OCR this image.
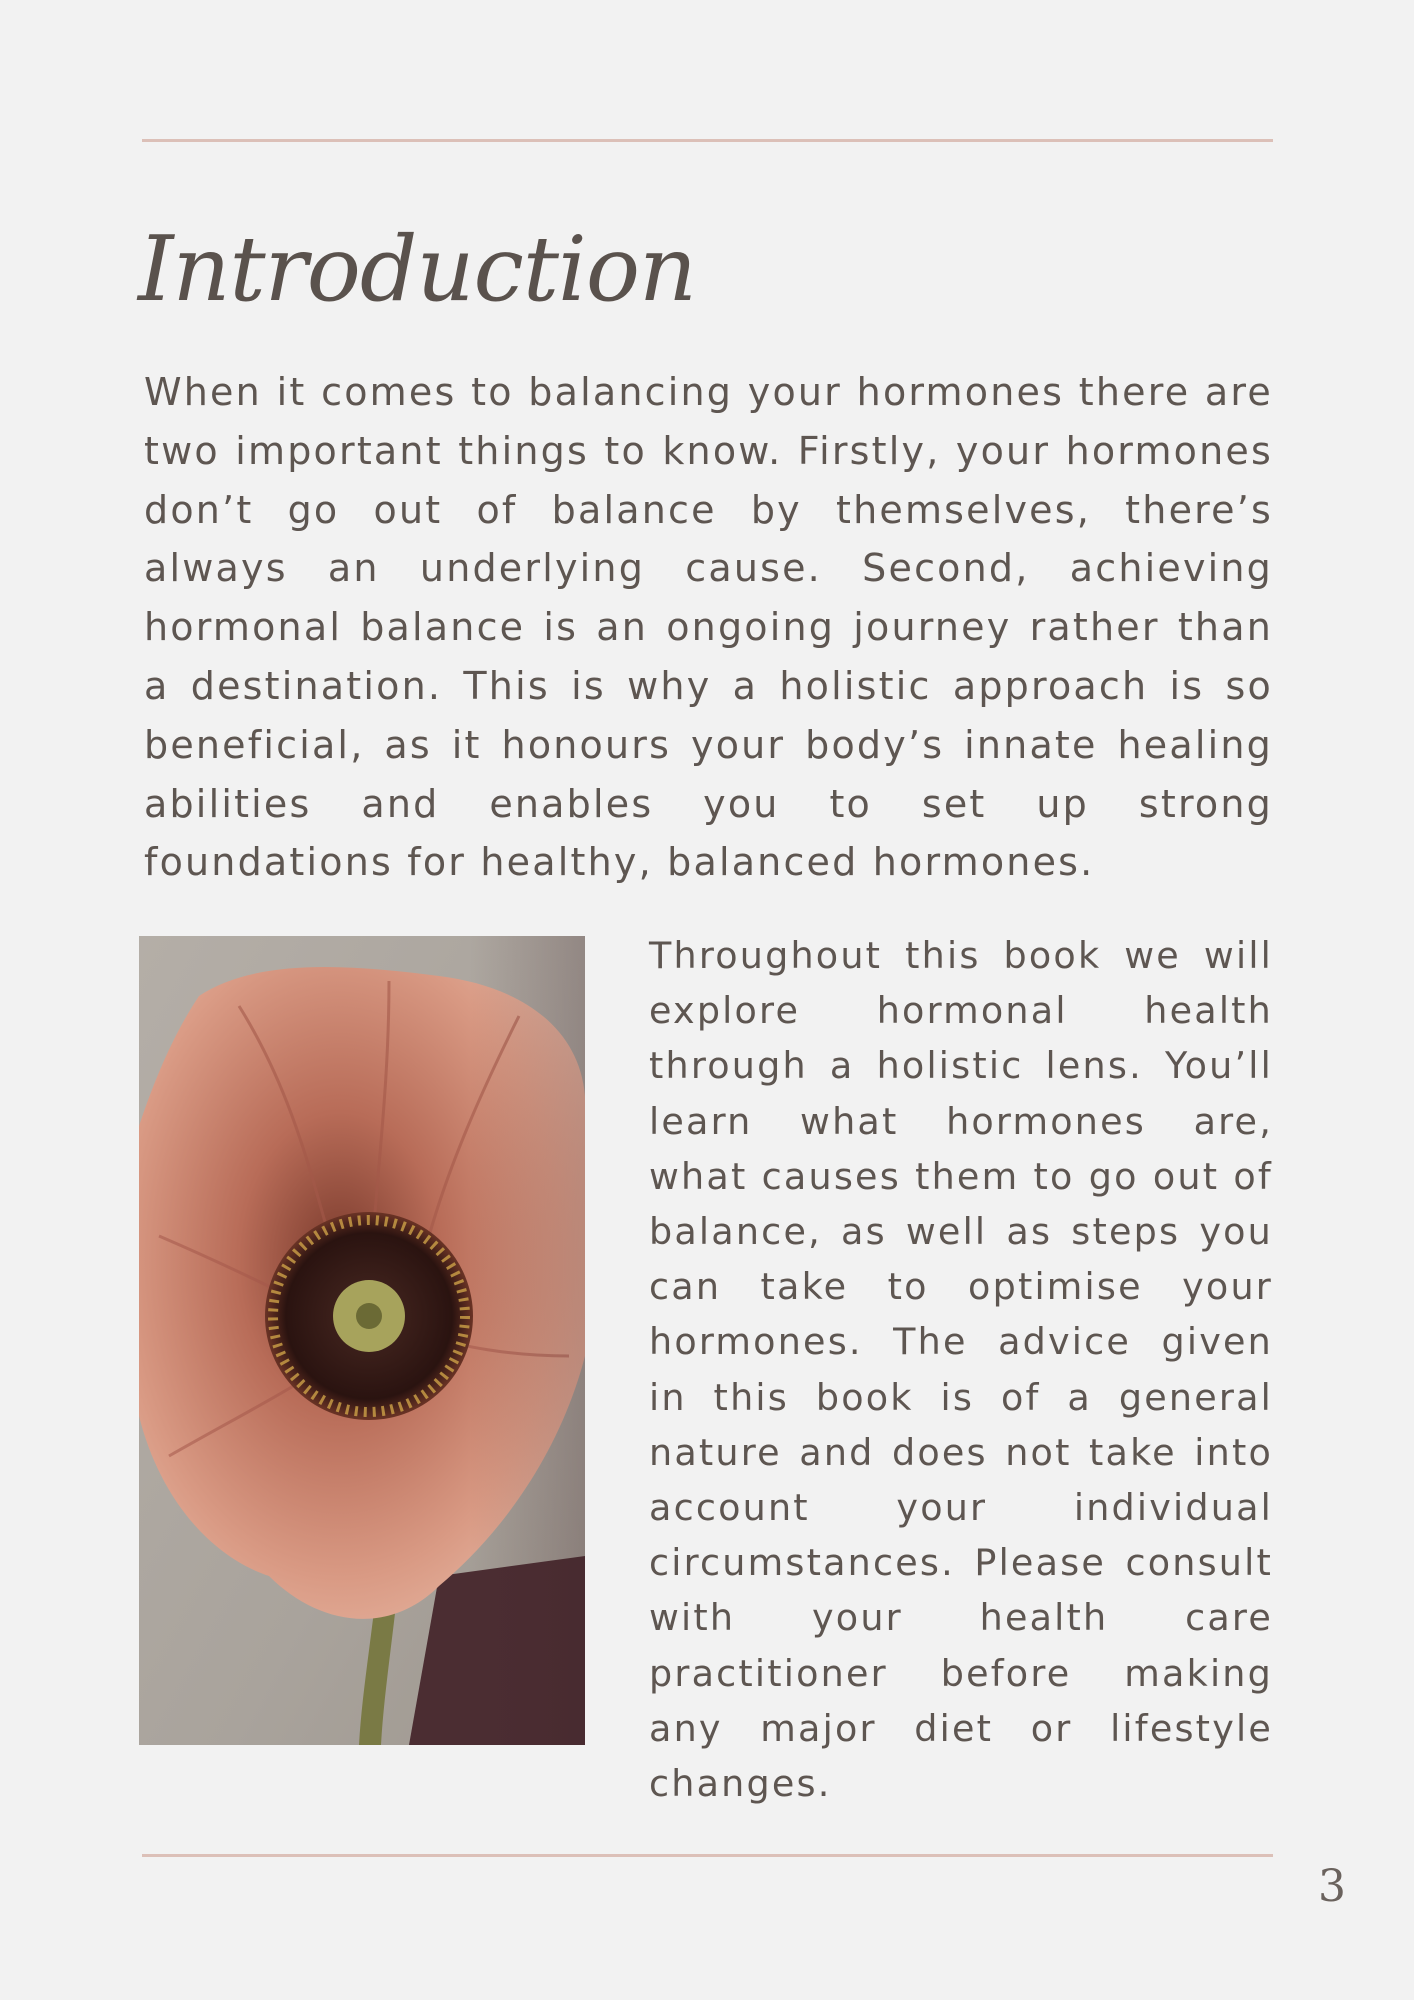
Introduction

When it comes to balancing your hormones there are two important things to know. Firstly, your hormones don’t go out of balance by themselves, there’s always an underlying cause. Second, achieving hormonal balance is an ongoing journey rather than a destination. This is why a holistic approach is so beneficial, as it honours your body’s innate healing abilities and enables you to set up strong foundations for healthy, balanced hormones.

Throughout this book we will explore hormonal health through a holistic lens. You’ll learn what hormones are, what causes them to go out of balance, as well as steps you can take to optimise your hormones. The advice given in this book is of a general nature and does not take into account your individual circumstances. Please consult with your health care practitioner before making any major diet or lifestyle changes.

3
